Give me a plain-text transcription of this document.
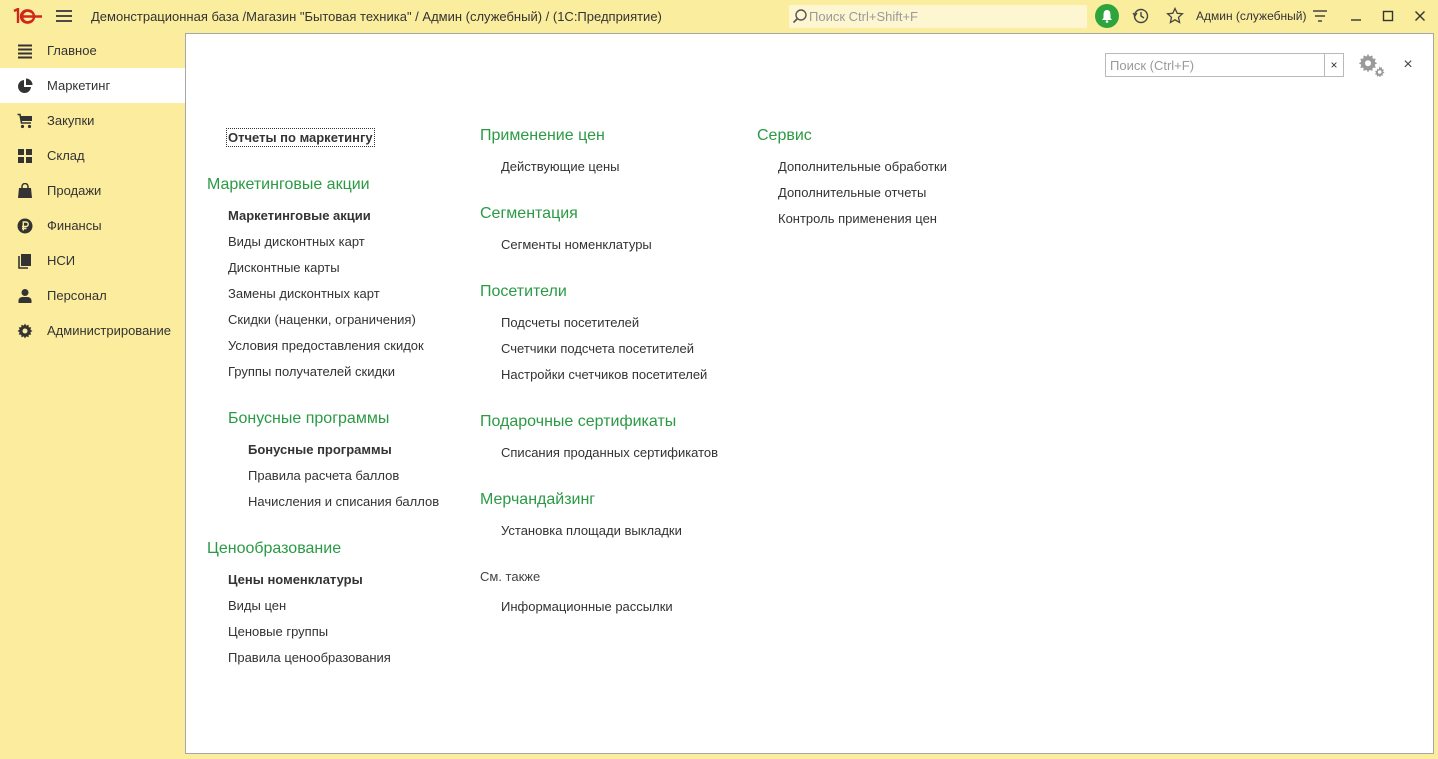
Демонстрационная база /Магазин "Бытовая техника" / Админ (служебный) / (1С:Предприятие)
Поиск Ctrl+Shift+F	Админ (служебный)
Главное
Маркетинг
Закупки
Склад
Продажи
Финансы
НСИ
Персонал
Администрирование
Поиск (Ctrl+F)
×	×
Отчеты по маркетингу
Маркетинговые акции
Маркетинговые акции
Виды дисконтных карт
Дисконтные карты
Замены дисконтных карт
Скидки (наценки, ограничения)
Условия предоставления скидок
Группы получателей скидки
Бонусные программы
Бонусные программы
Правила расчета баллов
Начисления и списания баллов
Ценообразование
Цены номенклатуры
Виды цен
Ценовые группы
Правила ценообразования
Применение цен
Действующие цены
Сегментация
Сегменты номенклатуры
Посетители
Подсчеты посетителей
Счетчики подсчета посетителей
Настройки счетчиков посетителей
Подарочные сертификаты
Списания проданных сертификатов
Мерчандайзинг
Установка площади выкладки
См. также
Информационные рассылки
Сервис
Дополнительные обработки
Дополнительные отчеты
Контроль применения цен
